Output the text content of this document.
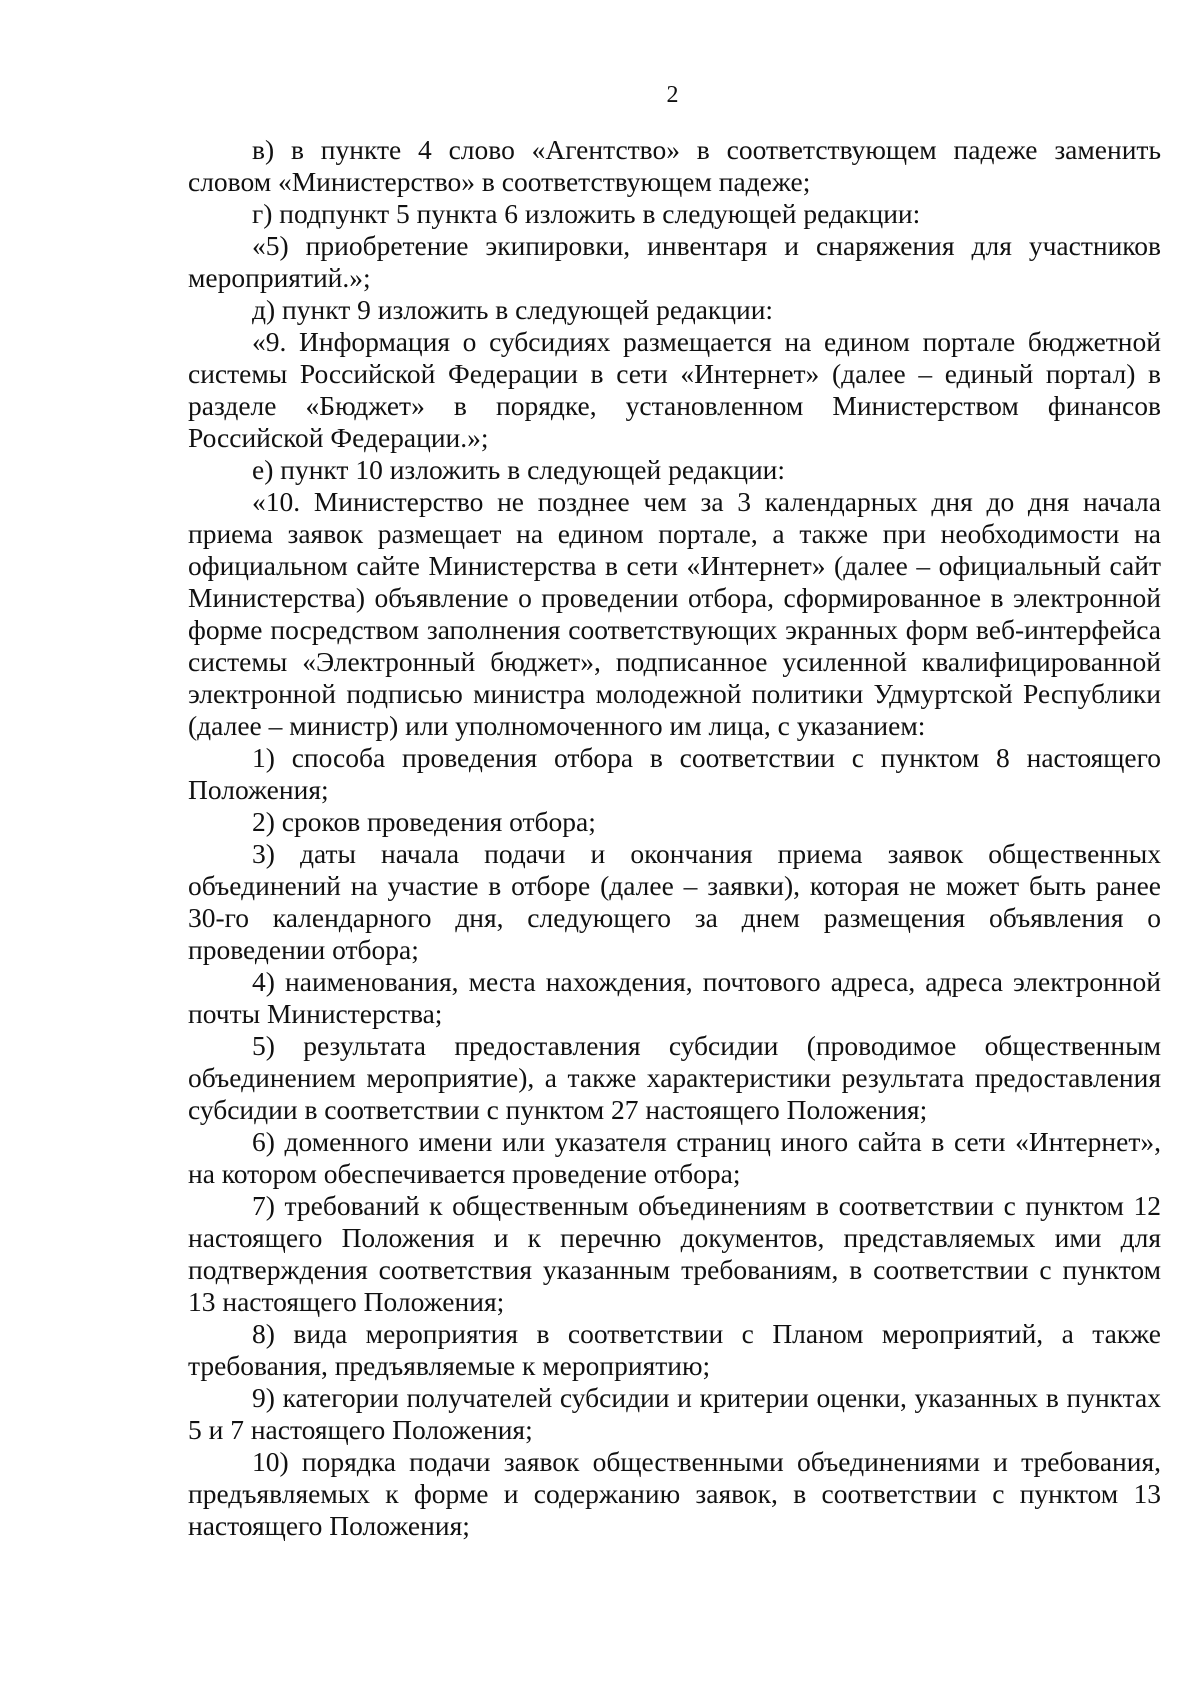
2

в) в пункте 4 слово «Агентство» в соответствующем падеже заменить словом «Министерство» в соответствующем падеже;

г) подпункт 5 пункта 6 изложить в следующей редакции:

«5) приобретение экипировки, инвентаря и снаряжения для участников мероприятий.»;

д) пункт 9 изложить в следующей редакции:

«9. Информация о субсидиях размещается на едином портале бюджетной системы Российской Федерации в сети «Интернет» (далее – единый портал) в разделе «Бюджет» в порядке, установленном Министерством финансов Российской Федерации.»;

е) пункт 10 изложить в следующей редакции:

«10. Министерство не позднее чем за 3 календарных дня до дня начала приема заявок размещает на едином портале, а также при необходимости на официальном сайте Министерства в сети «Интернет» (далее – официальный сайт Министерства) объявление о проведении отбора, сформированное в электронной форме посредством заполнения соответствующих экранных форм веб-интерфейса системы «Электронный бюджет», подписанное усиленной квалифицированной электронной подписью министра молодежной политики Удмуртской Республики (далее – министр) или уполномоченного им лица, с указанием:

1) способа проведения отбора в соответствии с пунктом 8 настоящего Положения;

2) сроков проведения отбора;

3) даты начала подачи и окончания приема заявок общественных объединений на участие в отборе (далее – заявки), которая не может быть ранее 30-го календарного дня, следующего за днем размещения объявления о проведении отбора;

4) наименования, места нахождения, почтового адреса, адреса электронной почты Министерства;

5) результата предоставления субсидии (проводимое общественным объединением мероприятие), а также характеристики результата предоставления субсидии в соответствии с пунктом 27 настоящего Положения;

6) доменного имени или указателя страниц иного сайта в сети «Интернет», на котором обеспечивается проведение отбора;

7) требований к общественным объединениям в соответствии с пунктом 12 настоящего Положения и к перечню документов, представляемых ими для подтверждения соответствия указанным требованиям, в соответствии с пунктом 13 настоящего Положения;

8) вида мероприятия в соответствии с Планом мероприятий, а также требования, предъявляемые к мероприятию;

9) категории получателей субсидии и критерии оценки, указанных в пунктах 5 и 7 настоящего Положения;

10) порядка подачи заявок общественными объединениями и требования, предъявляемых к форме и содержанию заявок, в соответствии с пунктом 13 настоящего Положения;
